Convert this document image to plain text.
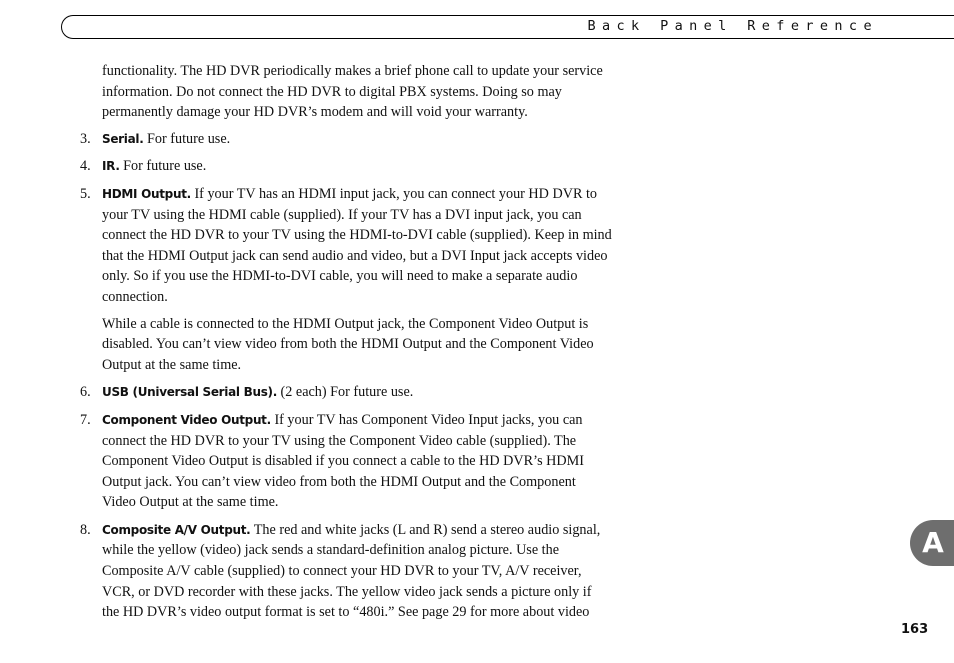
Back Panel Reference

functionality. The HD DVR periodically makes a brief phone call to update your service information. Do not connect the HD DVR to digital PBX systems. Doing so may permanently damage your HD DVR’s modem and will void your warranty.

3. Serial. For future use.

4. IR. For future use.

5. HDMI Output. If your TV has an HDMI input jack, you can connect your HD DVR to your TV using the HDMI cable (supplied). If your TV has a DVI input jack, you can connect the HD DVR to your TV using the HDMI-to-DVI cable (supplied). Keep in mind that the HDMI Output jack can send audio and video, but a DVI Input jack accepts video only. So if you use the HDMI-to-DVI cable, you will need to make a separate audio connection.

While a cable is connected to the HDMI Output jack, the Component Video Output is disabled. You can’t view video from both the HDMI Output and the Component Video Output at the same time.

6. USB (Universal Serial Bus). (2 each) For future use.

7. Component Video Output. If your TV has Component Video Input jacks, you can connect the HD DVR to your TV using the Component Video cable (supplied). The Component Video Output is disabled if you connect a cable to the HD DVR’s HDMI Output jack. You can’t view video from both the HDMI Output and the Component Video Output at the same time.

8. Composite A/V Output. The red and white jacks (L and R) send a stereo audio signal, while the yellow (video) jack sends a standard-definition analog picture. Use the Composite A/V cable (supplied) to connect your HD DVR to your TV, A/V receiver, VCR, or DVD recorder with these jacks. The yellow video jack sends a picture only if the HD DVR’s video output format is set to “480i.” See page 29 for more about video

A
163
